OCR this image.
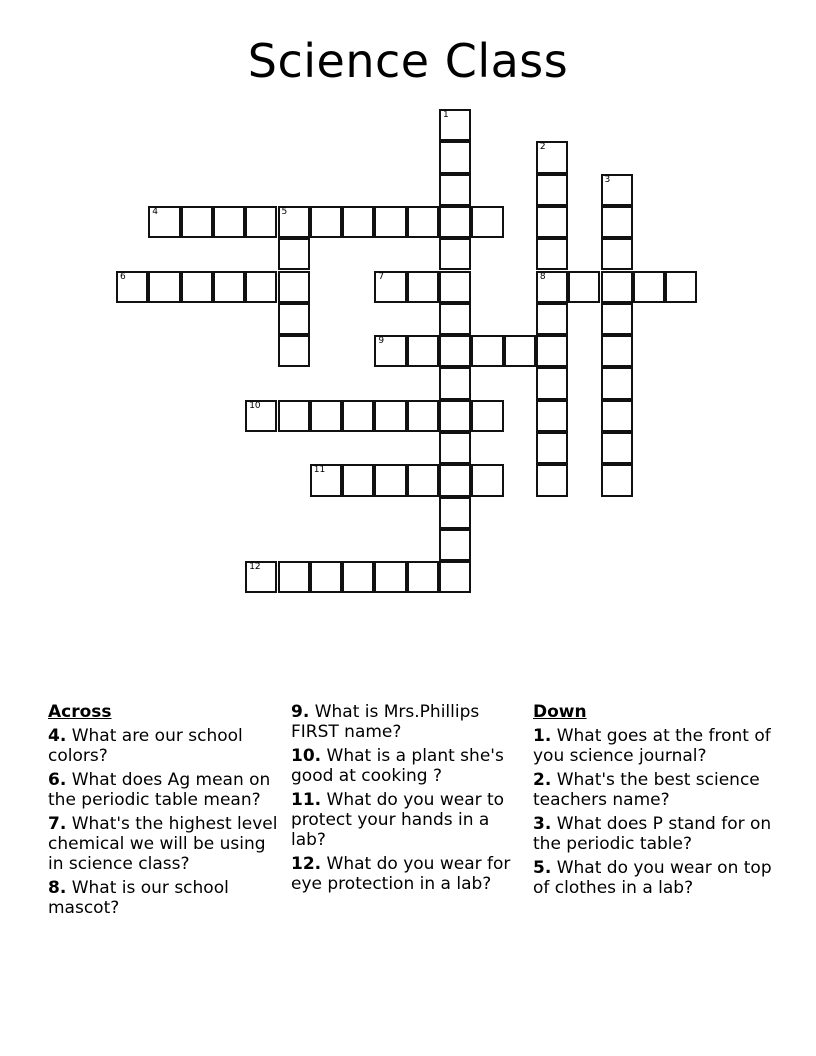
Science Class
1
2
8
3
4	5
6	7
9
10
11
12
Across
4. What are our school colors?
6. What does Ag mean on the periodic table mean?
7. What's the highest level chemical we will be using in science class?
8. What is our school mascot?
9. What is Mrs.Phillips FIRST name?
10. What is a plant she's good at cooking ?
11. What do you wear to protect your hands in a lab?
12. What do you wear for eye protection in a lab?
Down
1. What goes at the front of you science journal?
2. What's the best science teachers name?
3. What does P stand for on the periodic table?
5. What do you wear on top of clothes in a lab?
